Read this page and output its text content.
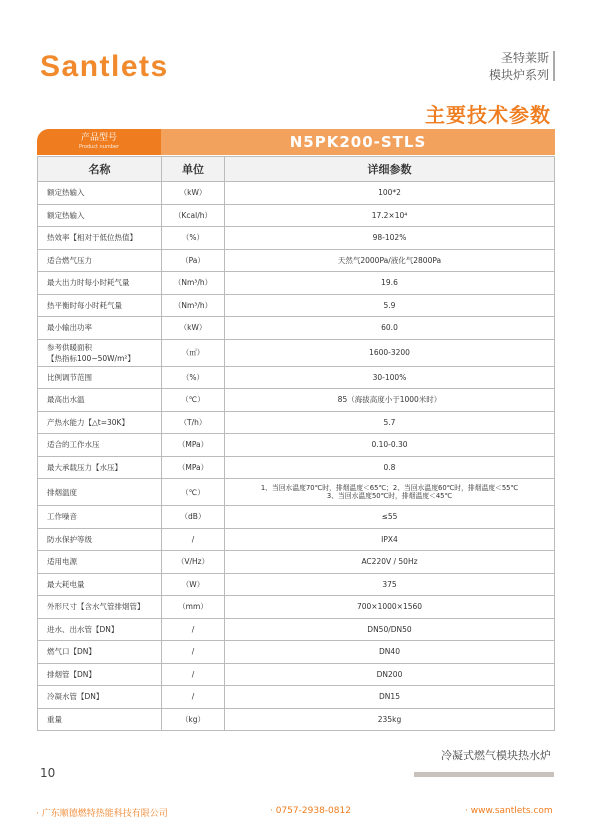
Santlets	圣特莱斯
模块炉系列
主要技术参数
产品型号
Product number	N5PK200-STLS
名称	单位	详细参数
额定热输入	（kW）	100*2
额定热输入	（Kcal/h）	17.2×10⁴
热效率【相对于低位热值】	（%）	98-102%
适合燃气压力	（Pa）	天然气2000Pa/液化气2800Pa
最大出力时每小时耗气量	（Nm³/h）	19.6
热平衡时每小时耗气量	（Nm³/h）	5.9
最小输出功率	（kW）	60.0
参考供暖面积
【热指标100~50W/m²】	（㎡）	1600-3200
比例调节范围	（%）	30-100%
最高出水温	（℃）	85（海拔高度小于1000米时）
产热水能力【△t=30K】	（T/h）	5.7
适合的工作水压	（MPa）	0.10-0.30
最大承载压力【水压】	（MPa）	0.8
排烟温度	（℃）	1、当回水温度70℃时，排烟温度＜65℃；2、当回水温度60℃时，排烟温度＜55℃
3、当回水温度50℃时，排烟温度＜45℃
工作噪音	（dB）	≤55
防水保护等级	/	IPX4
适用电源	（V/Hz）	AC220V / 50Hz
最大耗电量	（W）	375
外形尺寸【含水气管排烟管】	（mm）	700×1000×1560
进水、出水管【DN】	/	DN50/DN50
燃气口【DN】	/	DN40
排烟管【DN】	/	DN200
冷凝水管【DN】	/	DN15
重量	（kg）	235kg
冷凝式燃气模块热水炉
10
· 广东顺德燃特热能科技有限公司	· 0757-2938-0812	· www.santlets.com
